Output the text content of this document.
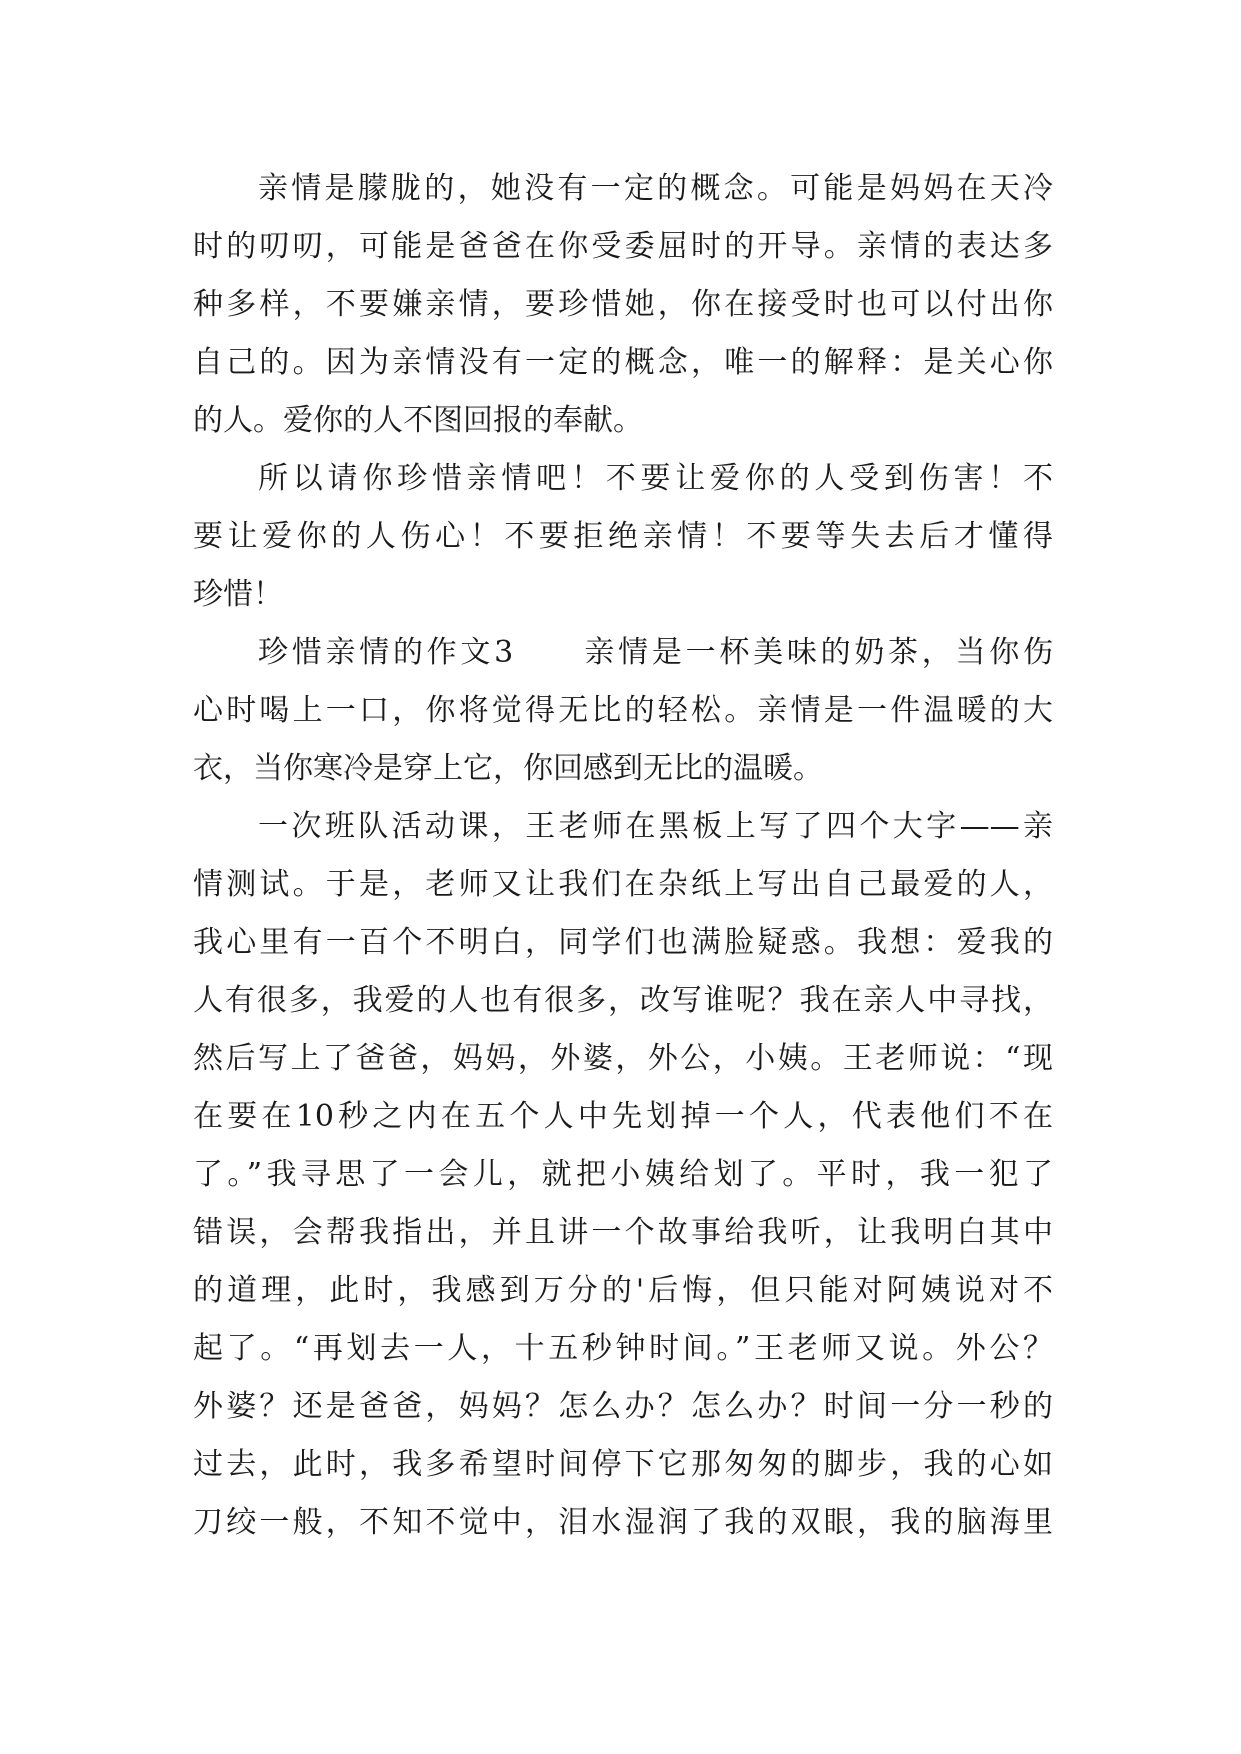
亲情是朦胧的，她没有一定的概念。可能是妈妈在天冷
时的叨叨，可能是爸爸在你受委屈时的开导。亲情的表达多
种多样，不要嫌亲情，要珍惜她，你在接受时也可以付出你
自己的。因为亲情没有一定的概念，唯一的解释：是关心你
的人。爱你的人不图回报的奉献。
所以请你珍惜亲情吧！不要让爱你的人受到伤害！不
要让爱你的人伤心！不要拒绝亲情！不要等失去后才懂得
珍惜！
珍惜亲情的作文3　　亲情是一杯美味的奶茶，当你伤
心时喝上一口，你将觉得无比的轻松。亲情是一件温暖的大
衣，当你寒冷是穿上它，你回感到无比的温暖。
一次班队活动课，王老师在黑板上写了四个大字——亲
情测试。于是，老师又让我们在杂纸上写出自己最爱的人，
我心里有一百个不明白，同学们也满脸疑惑。我想：爱我的
人有很多，我爱的人也有很多，改写谁呢？我在亲人中寻找，
然后写上了爸爸，妈妈，外婆，外公，小姨。王老师说：“现
在要在10秒之内在五个人中先划掉一个人，代表他们不在
了。”我寻思了一会儿，就把小姨给划了。平时，我一犯了
错误，会帮我指出，并且讲一个故事给我听，让我明白其中
的道理，此时，我感到万分的'后悔，但只能对阿姨说对不
起了。“再划去一人，十五秒钟时间。”王老师又说。外公？
外婆？还是爸爸，妈妈？怎么办？怎么办？时间一分一秒的
过去，此时，我多希望时间停下它那匆匆的脚步，我的心如
刀绞一般，不知不觉中，泪水湿润了我的双眼，我的脑海里
